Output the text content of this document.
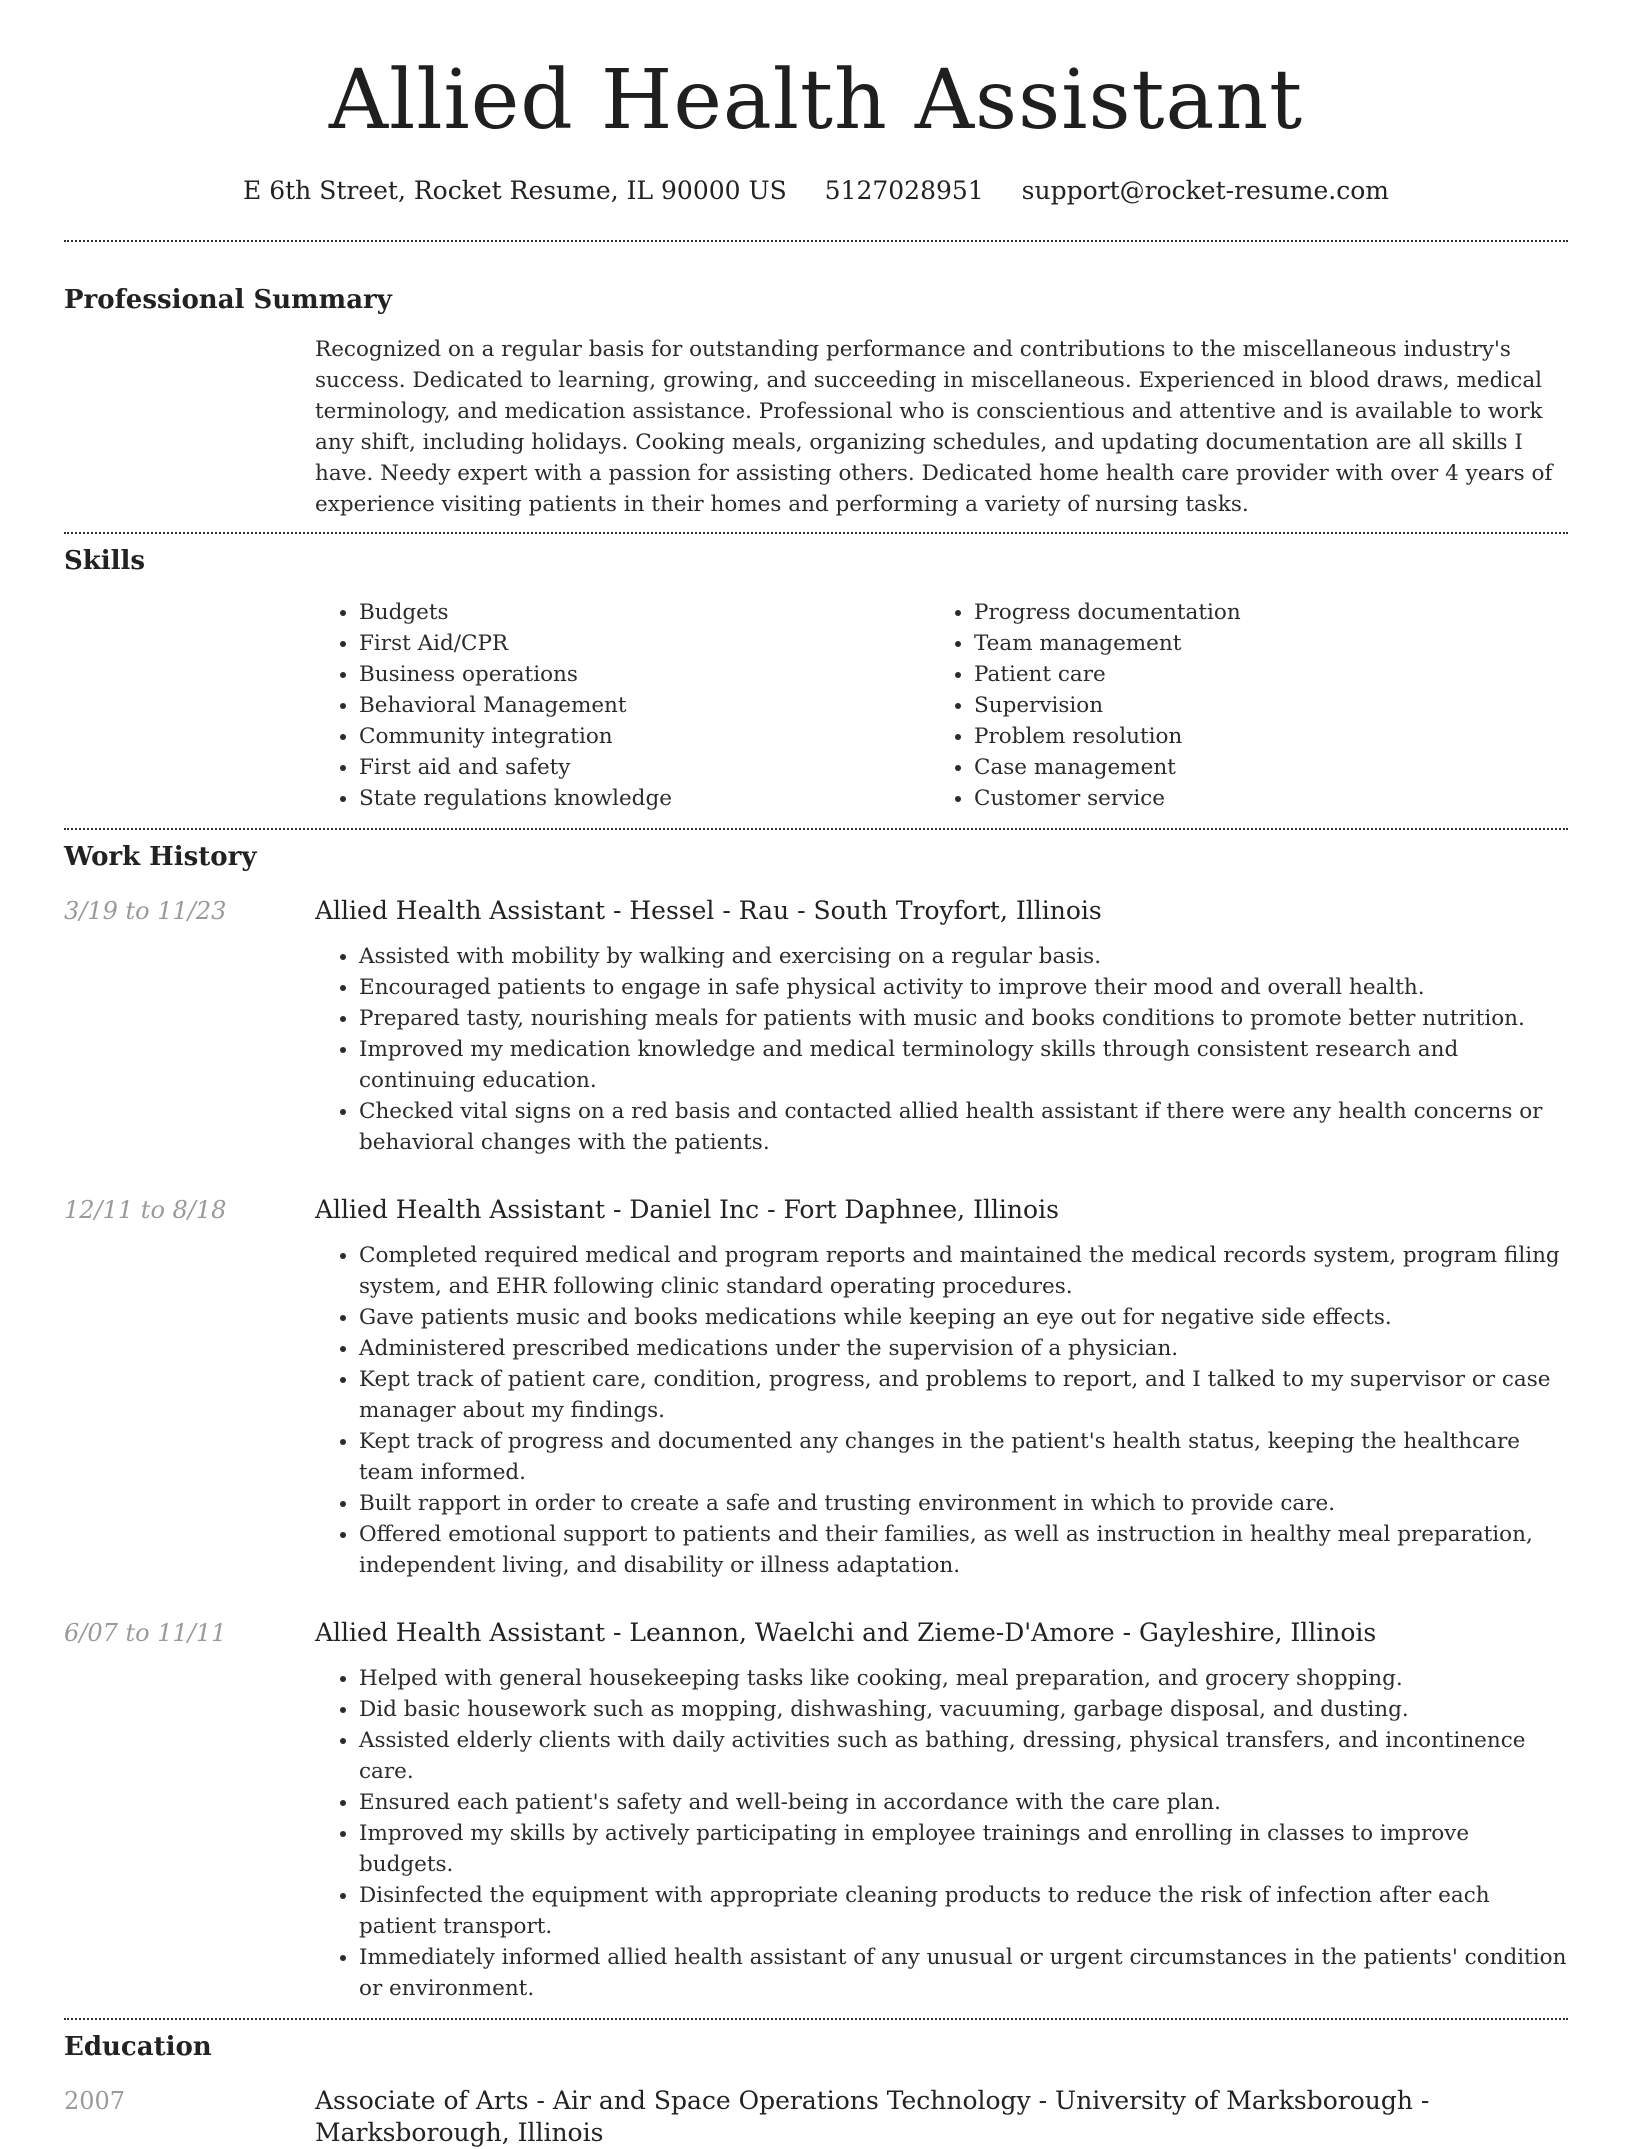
Allied Health Assistant
E 6th Street, Rocket Resume, IL 90000 US 5127028951 support@rocket-resume.com
Professional Summary
Recognized on a regular basis for outstanding performance and contributions to the miscellaneous industry's success. Dedicated to learning, growing, and succeeding in miscellaneous. Experienced in blood draws, medical terminology, and medication assistance. Professional who is conscientious and attentive and is available to work any shift, including holidays. Cooking meals, organizing schedules, and updating documentation are all skills I have. Needy expert with a passion for assisting others. Dedicated home health care provider with over 4 years of experience visiting patients in their homes and performing a variety of nursing tasks.
Skills
• Budgets
• First Aid/CPR
• Business operations
• Behavioral Management
• Community integration
• First aid and safety
• State regulations knowledge
• Progress documentation
• Team management
• Patient care
• Supervision
• Problem resolution
• Case management
• Customer service
Work History
3/19 to 11/23	Allied Health Assistant - Hessel - Rau - South Troyfort, Illinois
• Assisted with mobility by walking and exercising on a regular basis.
• Encouraged patients to engage in safe physical activity to improve their mood and overall health.
• Prepared tasty, nourishing meals for patients with music and books conditions to promote better nutrition.
• Improved my medication knowledge and medical terminology skills through consistent research and continuing education.
• Checked vital signs on a red basis and contacted allied health assistant if there were any health concerns or behavioral changes with the patients.
12/11 to 8/18	Allied Health Assistant - Daniel Inc - Fort Daphnee, Illinois
• Completed required medical and program reports and maintained the medical records system, program filing system, and EHR following clinic standard operating procedures.
• Gave patients music and books medications while keeping an eye out for negative side effects.
• Administered prescribed medications under the supervision of a physician.
• Kept track of patient care, condition, progress, and problems to report, and I talked to my supervisor or case manager about my findings.
• Kept track of progress and documented any changes in the patient's health status, keeping the healthcare team informed.
• Built rapport in order to create a safe and trusting environment in which to provide care.
• Offered emotional support to patients and their families, as well as instruction in healthy meal preparation, independent living, and disability or illness adaptation.
6/07 to 11/11	Allied Health Assistant - Leannon, Waelchi and Zieme-D'Amore - Gayleshire, Illinois
• Helped with general housekeeping tasks like cooking, meal preparation, and grocery shopping.
• Did basic housework such as mopping, dishwashing, vacuuming, garbage disposal, and dusting.
• Assisted elderly clients with daily activities such as bathing, dressing, physical transfers, and incontinence care.
• Ensured each patient's safety and well-being in accordance with the care plan.
• Improved my skills by actively participating in employee trainings and enrolling in classes to improve budgets.
• Disinfected the equipment with appropriate cleaning products to reduce the risk of infection after each patient transport.
• Immediately informed allied health assistant of any unusual or urgent circumstances in the patients' condition or environment.
Education
2007	Associate of Arts - Air and Space Operations Technology - University of Marksborough - Marksborough, Illinois
